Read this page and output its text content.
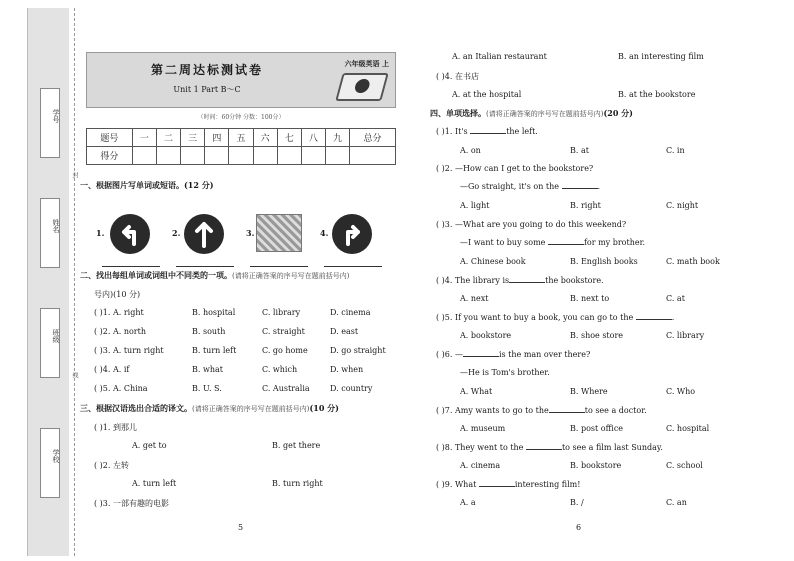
学号
姓名
班级
学校
封
线
第二周达标测试卷
Unit 1 Part B～C
六年级英语 上
（时间：60分钟 分数：100分）
题号	一	二	三	四	五	六	七	八	九	总分
得分										
一、根据图片写单词或短语。(12 分)
1.	2.	3.	4.
二、找出每组单词或词组中不同类的一项。(请将正确答案的序号写在题前括号内)
号内)(10 分)
( )1. A. right	B. hospital	C. library	D. cinema
( )2. A. north	B. south	C. straight	D. east
( )3. A. turn right	B. turn left	C. go home	D. go straight
( )4. A. if	B. what	C. which	D. when
( )5. A. China	B. U. S.	C. Australia	D. country
三、根据汉语选出合适的译文。(请将正确答案的序号写在题前括号内)(10 分)
( )1. 到那儿
A. get to	B. get there
( )2. 左转
A. turn left	B. turn right
( )3. 一部有趣的电影
5
A. an Italian restaurant	B. an interesting film
( )4. 在书店
A. at the hospital	B. at the bookstore
四、单项选择。(请将正确答案的序号写在题前括号内)(20 分)
( )1. It's	the left.
A. on	B. at	C. in
( )2. —How can I get to the bookstore?
—Go straight, it's on the	.
A. light	B. right	C. night
( )3. —What are you going to do this weekend?
—I want to buy some	for my brother.
A. Chinese book	B. English books	C. math book
( )4. The library is	the bookstore.
A. next	B. next to	C. at
( )5. If you want to buy a book, you can go to the	.
A. bookstore	B. shoe store	C. library
( )6. —	is the man over there?
—He is Tom's brother.
A. What	B. Where	C. Who
( )7. Amy wants to go to the	to see a doctor.
A. museum	B. post office	C. hospital
( )8. They went to the	to see a film last Sunday.
A. cinema	B. bookstore	C. school
( )9. What	interesting film!
A. a	B. /	C. an
6
